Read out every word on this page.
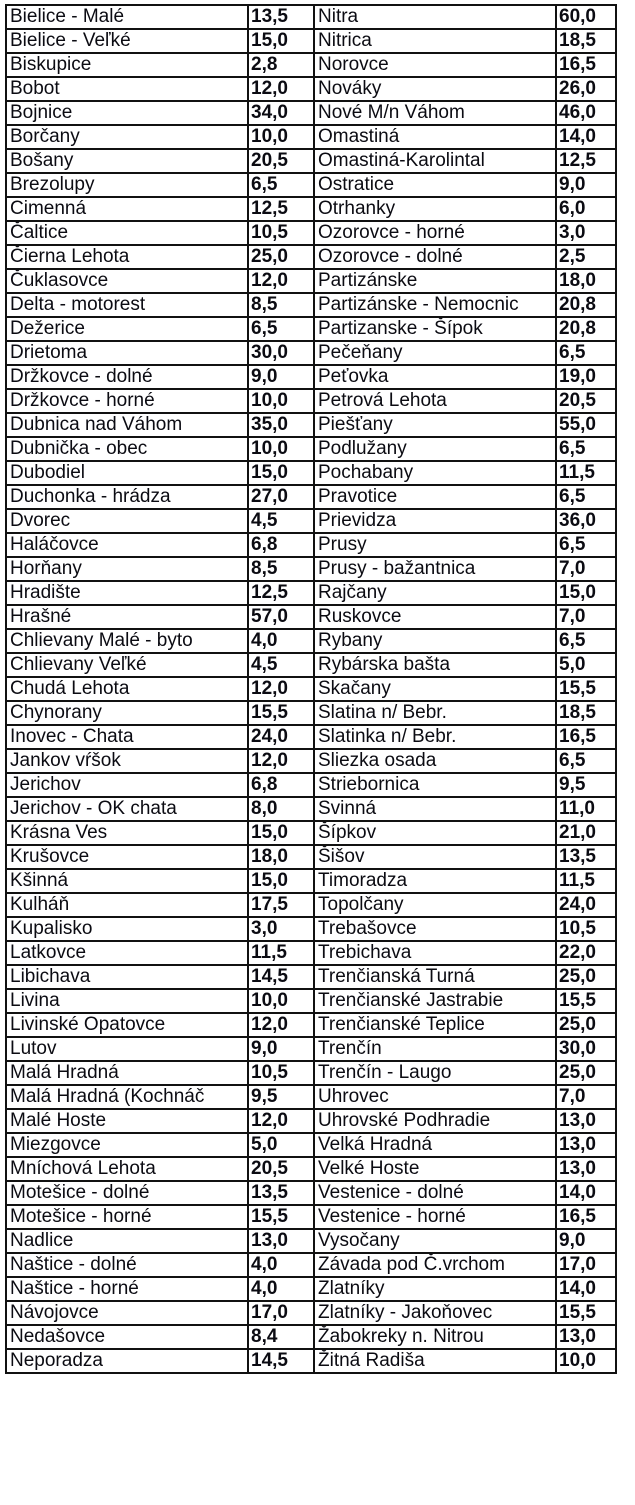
Bielice - Malé	13,5	Nitra	60,0
Bielice - Veľké	15,0	Nitrica	18,5
Biskupice	2,8	Norovce	16,5
Bobot	12,0	Nováky	26,0
Bojnice	34,0	Nové M/n Váhom	46,0
Borčany	10,0	Omastiná	14,0
Bošany	20,5	Omastiná-Karolintal	12,5
Brezolupy	6,5	Ostratice	9,0
Cimenná	12,5	Otrhanky	6,0
Čaltice	10,5	Ozorovce - horné	3,0
Čierna Lehota	25,0	Ozorovce - dolné	2,5
Čuklasovce	12,0	Partizánske	18,0
Delta - motorest	8,5	Partizánske - Nemocnic	20,8
Dežerice	6,5	Partizanske - Šípok	20,8
Drietoma	30,0	Pečeňany	6,5
Držkovce - dolné	9,0	Peťovka	19,0
Držkovce - horné	10,0	Petrová Lehota	20,5
Dubnica nad Váhom	35,0	Piešťany	55,0
Dubnička - obec	10,0	Podlužany	6,5
Dubodiel	15,0	Pochabany	11,5
Duchonka - hrádza	27,0	Pravotice	6,5
Dvorec	4,5	Prievidza	36,0
Haláčovce	6,8	Prusy	6,5
Horňany	8,5	Prusy - bažantnica	7,0
Hradište	12,5	Rajčany	15,0
Hrašné	57,0	Ruskovce	7,0
Chlievany Malé - byto	4,0	Rybany	6,5
Chlievany Veľké	4,5	Rybárska bašta	5,0
Chudá Lehota	12,0	Skačany	15,5
Chynorany	15,5	Slatina n/ Bebr.	18,5
Inovec - Chata	24,0	Slatinka n/ Bebr.	16,5
Jankov vŕšok	12,0	Sliezka osada	6,5
Jerichov	6,8	Striebornica	9,5
Jerichov - OK chata	8,0	Svinná	11,0
Krásna Ves	15,0	Šípkov	21,0
Krušovce	18,0	Šišov	13,5
Kšinná	15,0	Timoradza	11,5
Kulháň	17,5	Topolčany	24,0
Kupalisko	3,0	Trebašovce	10,5
Latkovce	11,5	Trebichava	22,0
Libichava	14,5	Trenčianská Turná	25,0
Livina	10,0	Trenčianské Jastrabie	15,5
Livinské Opatovce	12,0	Trenčianské Teplice	25,0
Lutov	9,0	Trenčín	30,0
Malá Hradná	10,5	Trenčín - Laugo	25,0
Malá Hradná (Kochnáč	9,5	Uhrovec	7,0
Malé Hoste	12,0	Uhrovské Podhradie	13,0
Miezgovce	5,0	Velká Hradná	13,0
Mníchová Lehota	20,5	Velké Hoste	13,0
Motešice - dolné	13,5	Vestenice - dolné	14,0
Motešice - horné	15,5	Vestenice - horné	16,5
Nadlice	13,0	Vysočany	9,0
Naštice - dolné	4,0	Závada pod Č.vrchom	17,0
Naštice - horné	4,0	Zlatníky	14,0
Návojovce	17,0	Zlatníky - Jakoňovec	15,5
Nedašovce	8,4	Žabokreky n. Nitrou	13,0
Neporadza	14,5	Žitná Radiša	10,0
